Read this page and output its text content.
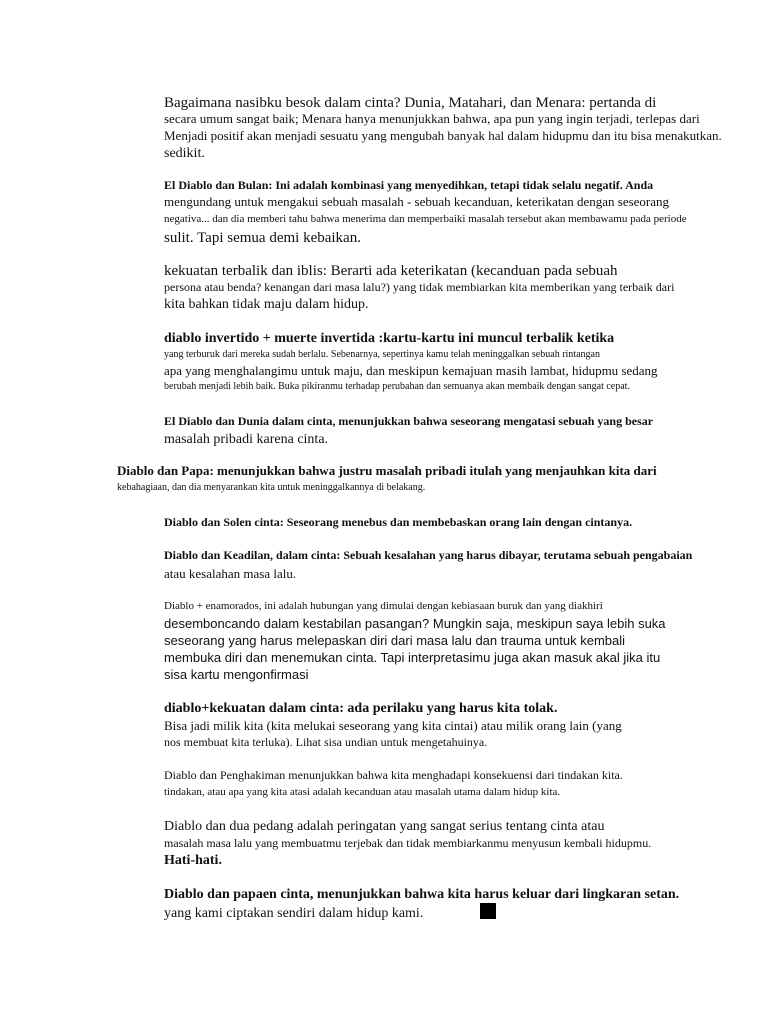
Bagaimana nasibku besok dalam cinta? Dunia, Matahari, dan Menara: pertanda di

secara umum sangat baik; Menara hanya menunjukkan bahwa, apa pun yang ingin terjadi, terlepas dari

Menjadi positif akan menjadi sesuatu yang mengubah banyak hal dalam hidupmu dan itu bisa menakutkan.

sedikit.

El Diablo dan Bulan: Ini adalah kombinasi yang menyedihkan, tetapi tidak selalu negatif. Anda

mengundang untuk mengakui sebuah masalah - sebuah kecanduan, keterikatan dengan seseorang

negativa... dan dia memberi tahu bahwa menerima dan memperbaiki masalah tersebut akan membawamu pada periode

sulit. Tapi semua demi kebaikan.

kekuatan terbalik dan iblis: Berarti ada keterikatan (kecanduan pada sebuah

persona atau benda? kenangan dari masa lalu?) yang tidak membiarkan kita memberikan yang terbaik dari

kita bahkan tidak maju dalam hidup.

diablo invertido + muerte invertida :kartu-kartu ini muncul terbalik ketika

yang terburuk dari mereka sudah berlalu. Sebenarnya, sepertinya kamu telah meninggalkan sebuah rintangan

apa yang menghalangimu untuk maju, dan meskipun kemajuan masih lambat, hidupmu sedang

berubah menjadi lebih baik. Buka pikiranmu terhadap perubahan dan semuanya akan membaik dengan sangat cepat.

El Diablo dan Dunia dalam cinta, menunjukkan bahwa seseorang mengatasi sebuah yang besar

masalah pribadi karena cinta.

Diablo dan Papa: menunjukkan bahwa justru masalah pribadi itulah yang menjauhkan kita dari

kebahagiaan, dan dia menyarankan kita untuk meninggalkannya di belakang.

Diablo dan Solen cinta: Seseorang menebus dan membebaskan orang lain dengan cintanya.

Diablo dan Keadilan, dalam cinta: Sebuah kesalahan yang harus dibayar, terutama sebuah pengabaian

atau kesalahan masa lalu.

Diablo + enamorados, ini adalah hubungan yang dimulai dengan kebiasaan buruk dan yang diakhiri

desemboncando dalam kestabilan pasangan? Mungkin saja, meskipun saya lebih suka

seseorang yang harus melepaskan diri dari masa lalu dan trauma untuk kembali

membuka diri dan menemukan cinta. Tapi interpretasimu juga akan masuk akal jika itu

sisa kartu mengonfirmasi

diablo+kekuatan dalam cinta: ada perilaku yang harus kita tolak.

Bisa jadi milik kita (kita melukai seseorang yang kita cintai) atau milik orang lain (yang

nos membuat kita terluka). Lihat sisa undian untuk mengetahuinya.

Diablo dan Penghakiman menunjukkan bahwa kita menghadapi konsekuensi dari tindakan kita.

tindakan, atau apa yang kita atasi adalah kecanduan atau masalah utama dalam hidup kita.

Diablo dan dua pedang adalah peringatan yang sangat serius tentang cinta atau

masalah masa lalu yang membuatmu terjebak dan tidak membiarkanmu menyusun kembali hidupmu.

Hati-hati.

Diablo dan papaen cinta, menunjukkan bahwa kita harus keluar dari lingkaran setan.

yang kami ciptakan sendiri dalam hidup kami.
